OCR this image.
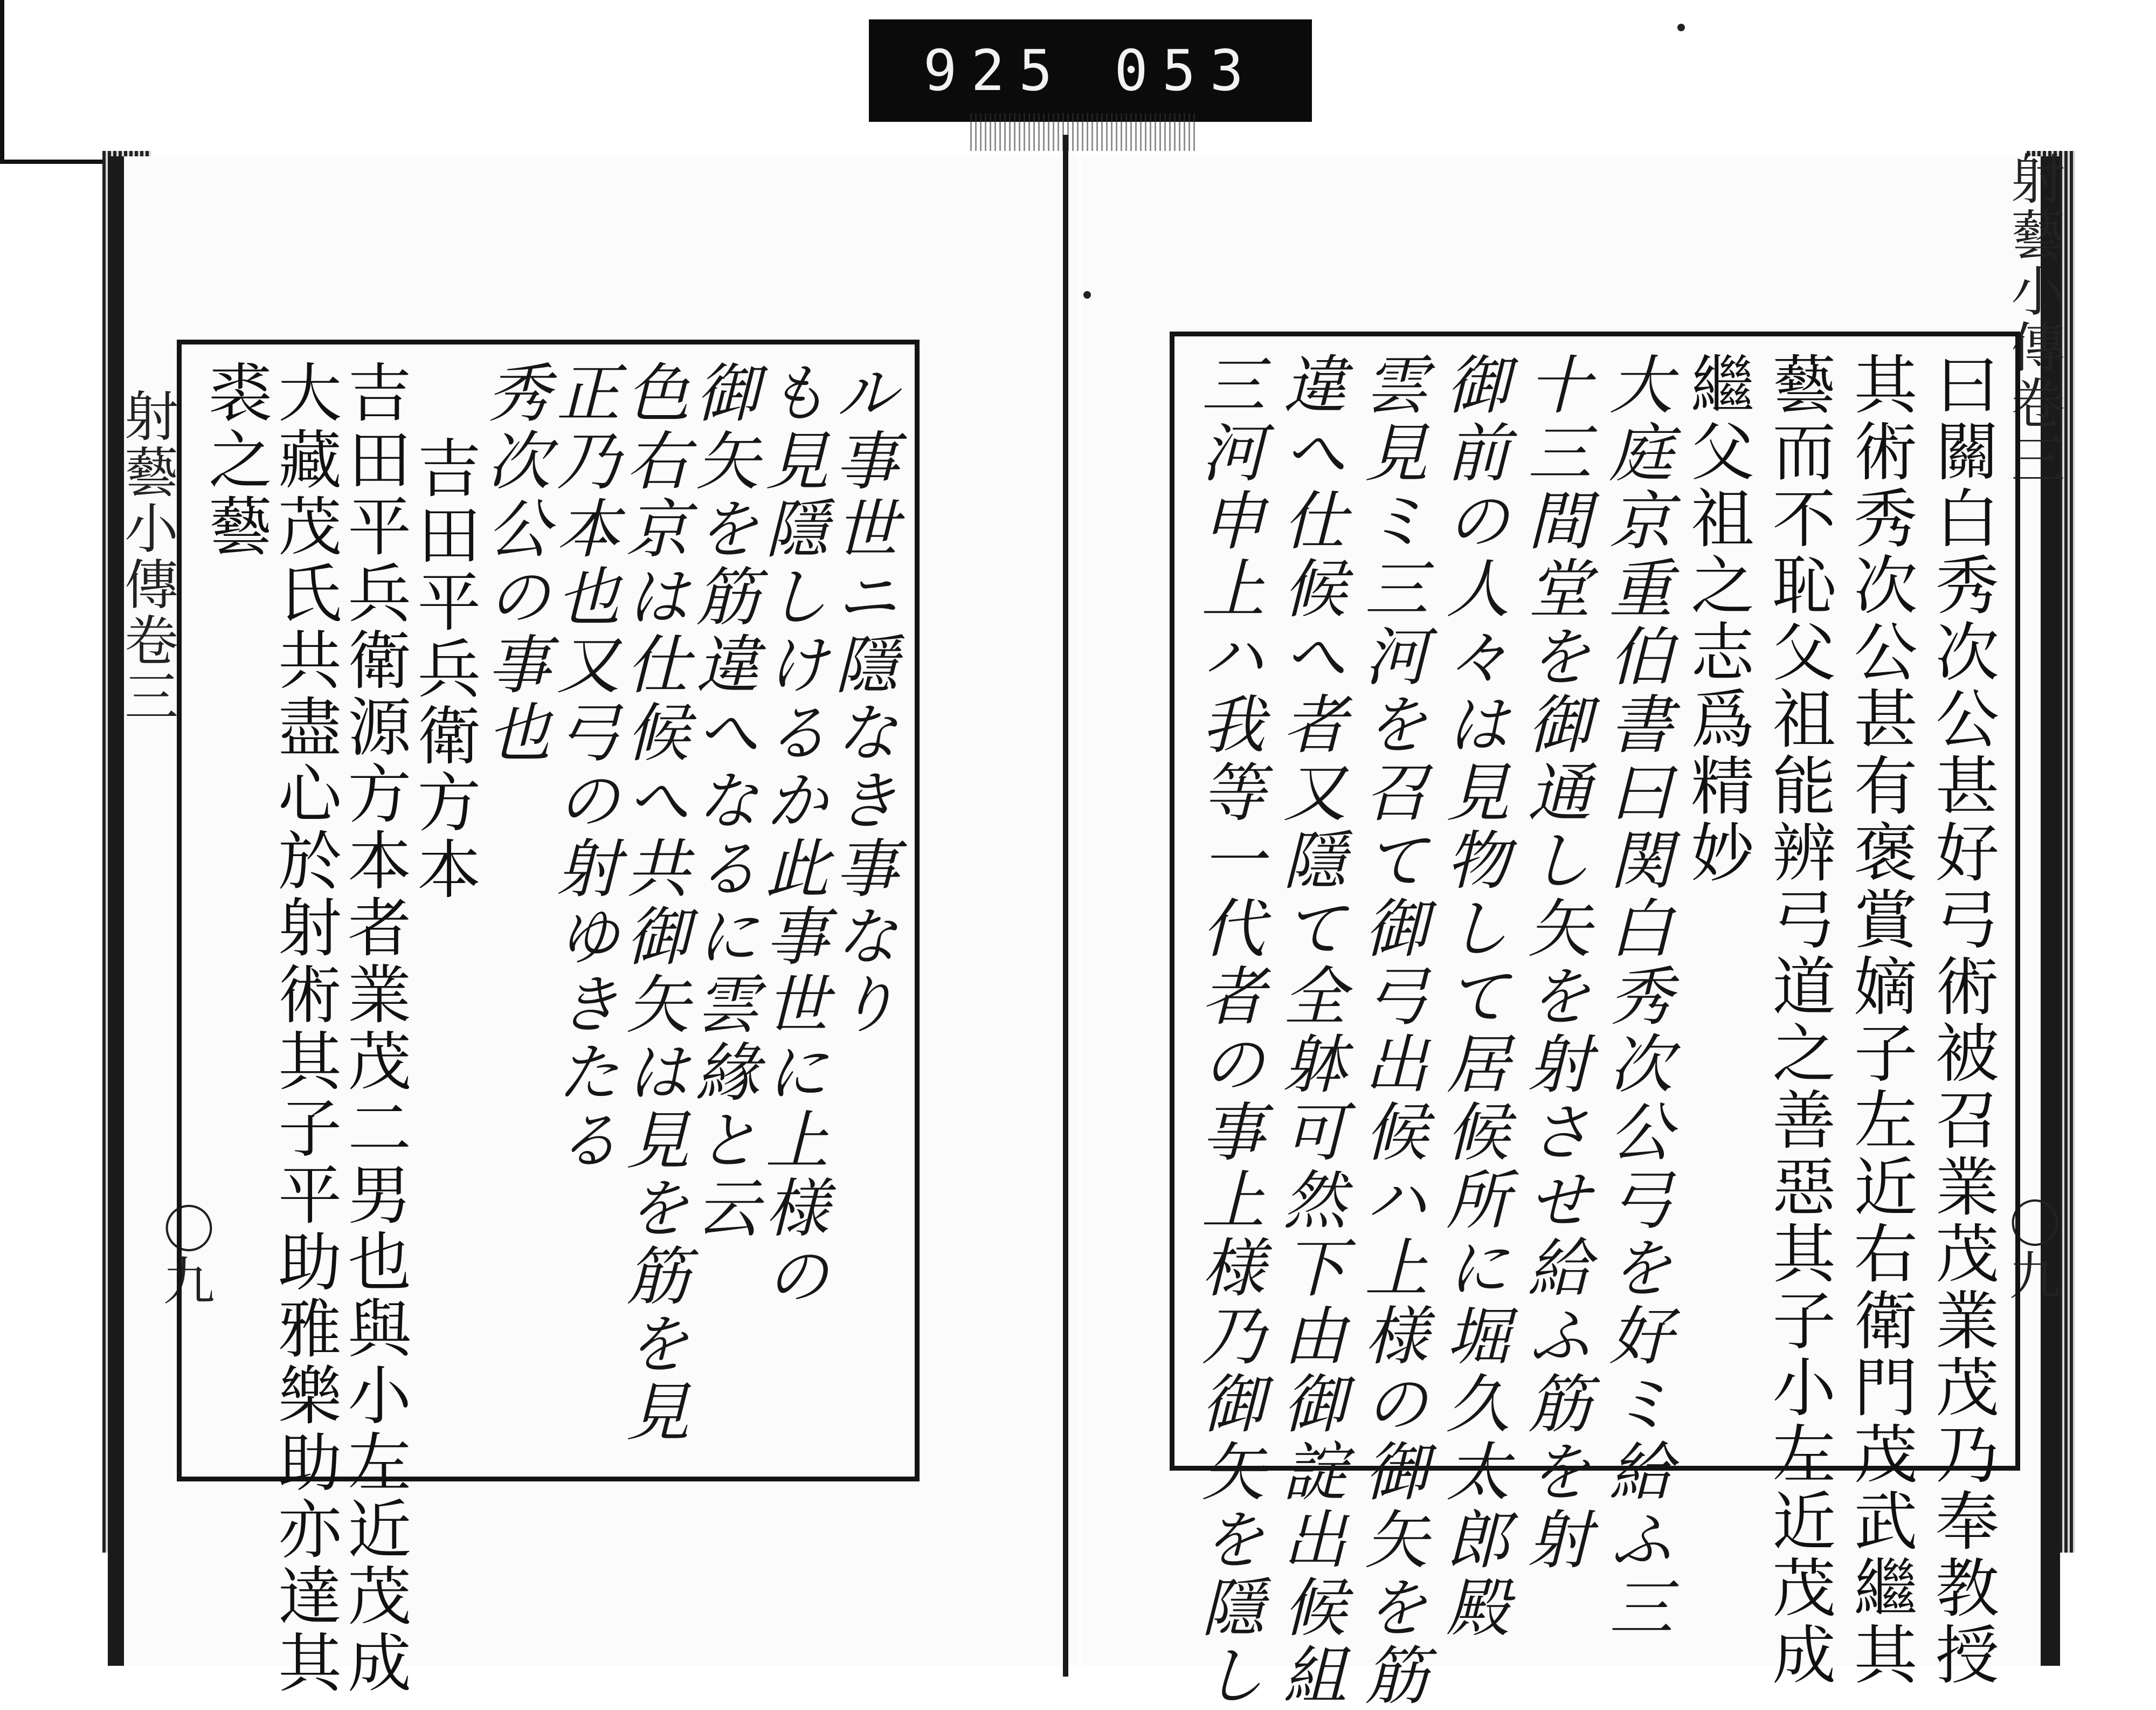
925 053
射藝小傳卷三
〇九
射藝小傳卷三
〇九
ル事世ニ隱なき事なり
も見隱しけるか此事世に上様の
御矢を筋違へなるに雲緣と云
色右京は仕候へ共御矢は見を筋を見
正乃本也又弓の射ゆきたる
秀次公の事也
吉田平兵衛方本
吉田平兵衛源方本者業茂二男也與小左近茂成
大藏茂氏共盡心於射術其子平助雅樂助亦達其
裘之藝	曰關白秀次公甚好弓術被召業茂業茂乃奉教授
其術秀次公甚有褒賞嫡子左近右衛門茂武繼其
藝而不恥父祖能辨弓道之善惡其子小左近茂成
繼父祖之志爲精妙
大庭京重伯書曰関白秀次公弓を好ミ給ふ三
十三間堂を御通し矢を射させ給ふ筋を射
御前の人々は見物して居候所に堀久太郎殿
雲見ミ三河を召て御弓出候ハ上様の御矢を筋
違へ仕候へ者又隱て全躰可然下由御諚出候組
三河申上ハ我等一代者の事上様乃御矢を隱し
